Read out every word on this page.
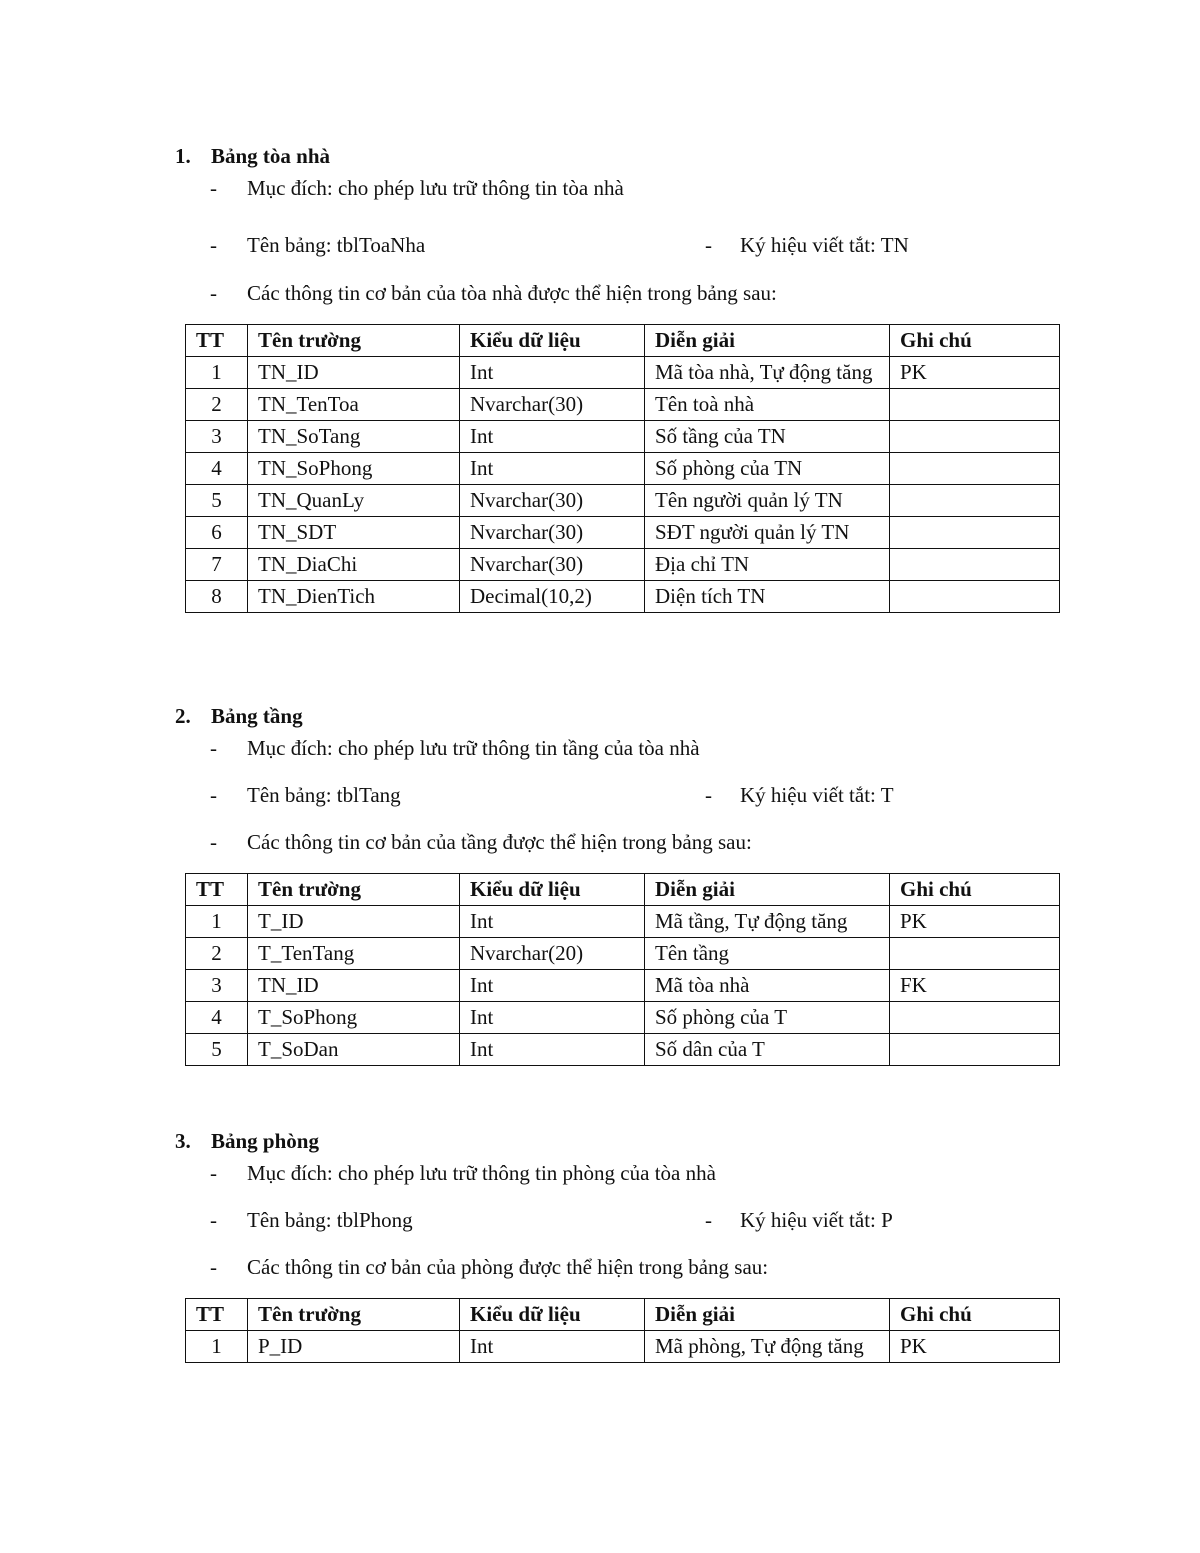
1. Bảng tòa nhà
- Mục đích: cho phép lưu trữ thông tin tòa nhà
- Tên bảng: tblToaNha	- Ký hiệu viết tắt: TN
- Các thông tin cơ bản của tòa nhà được thể hiện trong bảng sau:
TT	Tên trường	Kiểu dữ liệu	Diễn giải	Ghi chú
1	TN_ID	Int	Mã tòa nhà, Tự động tăng	PK
2	TN_TenToa	Nvarchar(30)	Tên toà nhà	
3	TN_SoTang	Int	Số tầng của TN	
4	TN_SoPhong	Int	Số phòng của TN	
5	TN_QuanLy	Nvarchar(30)	Tên người quản lý TN	
6	TN_SDT	Nvarchar(30)	SĐT người quản lý TN	
7	TN_DiaChi	Nvarchar(30)	Địa chỉ TN	
8	TN_DienTich	Decimal(10,2)	Diện tích TN	
2. Bảng tầng
- Mục đích: cho phép lưu trữ thông tin tầng của tòa nhà
- Tên bảng: tblTang	- Ký hiệu viết tắt: T
- Các thông tin cơ bản của tầng được thể hiện trong bảng sau:
TT	Tên trường	Kiểu dữ liệu	Diễn giải	Ghi chú
1	T_ID	Int	Mã tầng, Tự động tăng	PK
2	T_TenTang	Nvarchar(20)	Tên tầng	
3	TN_ID	Int	Mã tòa nhà	FK
4	T_SoPhong	Int	Số phòng của T	
5	T_SoDan	Int	Số dân của T	
3. Bảng phòng
- Mục đích: cho phép lưu trữ thông tin phòng của tòa nhà
- Tên bảng: tblPhong	- Ký hiệu viết tắt: P
- Các thông tin cơ bản của phòng được thể hiện trong bảng sau:
TT	Tên trường	Kiểu dữ liệu	Diễn giải	Ghi chú
1	P_ID	Int	Mã phòng, Tự động tăng	PK
